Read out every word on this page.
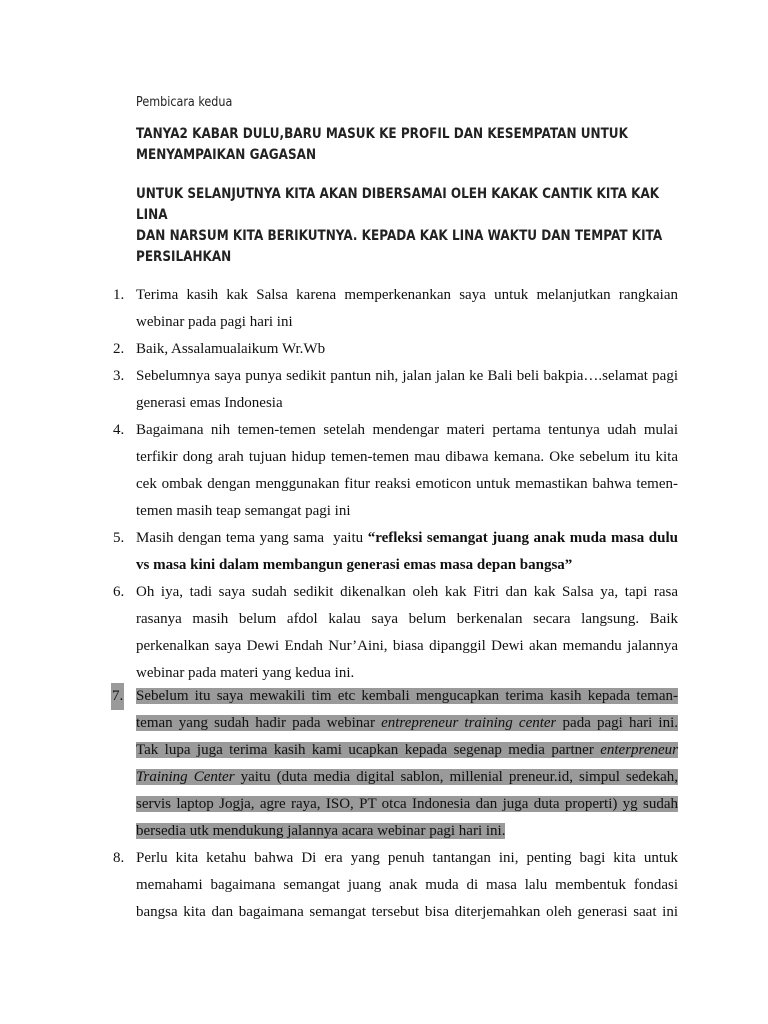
Pembicara kedua
TANYA2 KABAR DULU,BARU MASUK KE PROFIL DAN KESEMPATAN UNTUK
MENYAMPAIKAN GAGASAN
UNTUK SELANJUTNYA KITA AKAN DIBERSAMAI OLEH KAKAK CANTIK KITA KAK LINA
DAN NARSUM KITA BERIKUTNYA. KEPADA KAK LINA WAKTU DAN TEMPAT KITA
PERSILAHKAN
1. Terima kasih kak Salsa karena memperkenankan saya untuk melanjutkan rangkaian
webinar pada pagi hari ini
2. Baik, Assalamualaikum Wr.Wb
3. Sebelumnya saya punya sedikit pantun nih, jalan jalan ke Bali beli bakpia….selamat pagi
generasi emas Indonesia
4. Bagaimana nih temen-temen setelah mendengar materi pertama tentunya udah mulai
terfikir dong arah tujuan hidup temen-temen mau dibawa kemana. Oke sebelum itu kita
cek ombak dengan menggunakan fitur reaksi emoticon untuk memastikan bahwa temen-
temen masih teap semangat pagi ini
5. Masih dengan tema yang sama  yaitu “refleksi semangat juang anak muda masa dulu
vs masa kini dalam membangun generasi emas masa depan bangsa”
6. Oh iya, tadi saya sudah sedikit dikenalkan oleh kak Fitri dan kak Salsa ya, tapi rasa
rasanya masih belum afdol kalau saya belum berkenalan secara langsung. Baik
perkenalkan saya Dewi Endah Nur’Aini, biasa dipanggil Dewi akan memandu jalannya
webinar pada materi yang kedua ini.
7. Sebelum itu saya mewakili tim etc kembali mengucapkan terima kasih kepada teman-
teman yang sudah hadir pada webinar entrepreneur training center pada pagi hari ini.
Tak lupa juga terima kasih kami ucapkan kepada segenap media partner enterpreneur
Training Center yaitu (duta media digital sablon, millenial preneur.id, simpul sedekah,
servis laptop Jogja, agre raya, ISO, PT otca Indonesia dan juga duta properti) yg sudah
bersedia utk mendukung jalannya acara webinar pagi hari ini.
8. Perlu kita ketahu bahwa Di era yang penuh tantangan ini, penting bagi kita untuk
memahami bagaimana semangat juang anak muda di masa lalu membentuk fondasi
bangsa kita dan bagaimana semangat tersebut bisa diterjemahkan oleh generasi saat ini
